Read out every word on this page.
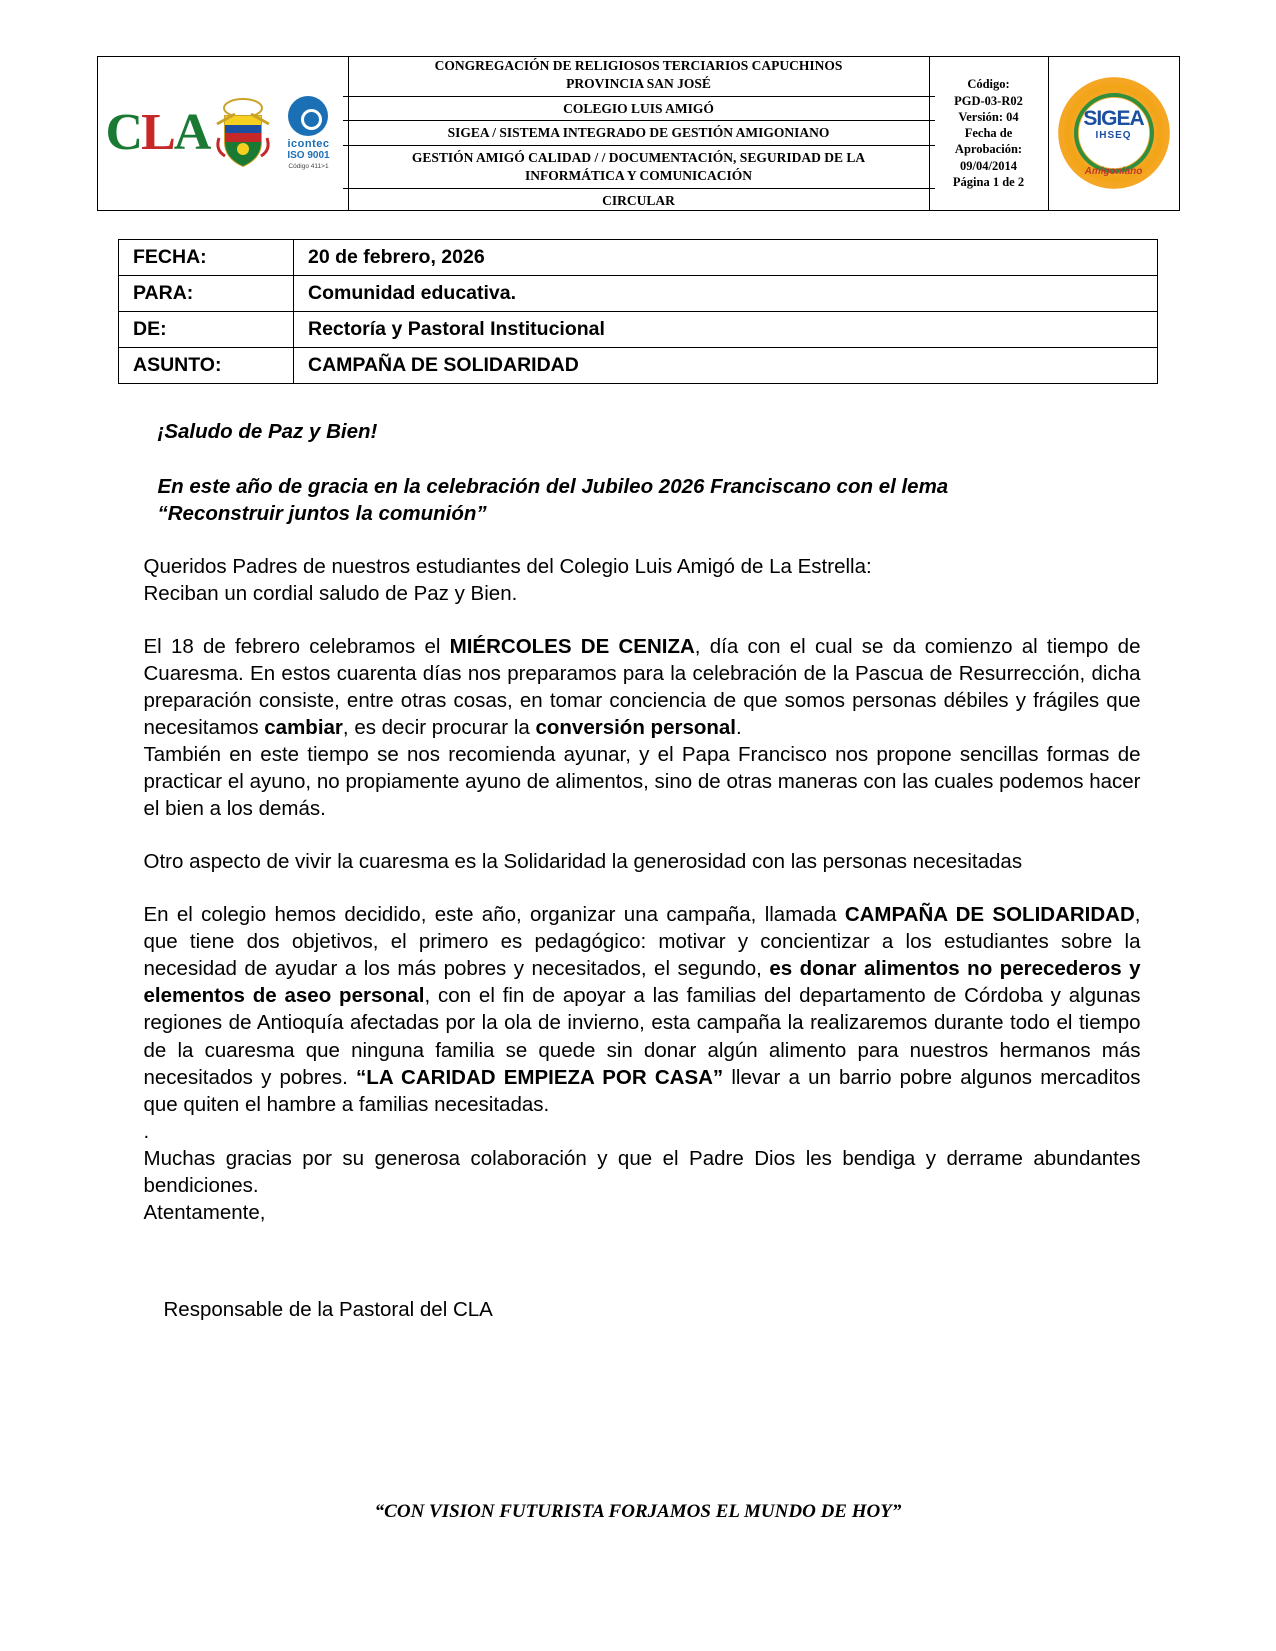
CLA	icontec
ISO 9001
Código 411>1

CONGREGACIÓN DE RELIGIOSOS TERCIARIOS CAPUCHINOS
PROVINCIA SAN JOSÉ
COLEGIO LUIS AMIGÓ
SIGEA / SISTEMA INTEGRADO DE GESTIÓN AMIGONIANO
GESTIÓN AMIGÓ CALIDAD / / DOCUMENTACIÓN, SEGURIDAD DE LA
INFORMÁTICA Y COMUNICACIÓN
CIRCULAR

Código:
PGD-03-R02
Versión: 04
Fecha de
Aprobación:
09/04/2014
Página 1 de 2

SIGEA
IHSEQ
Amigoniano
FECHA:	20 de febrero, 2026
PARA:	Comunidad educativa.
DE:	Rectoría y Pastoral Institucional
ASUNTO:	CAMPAÑA DE SOLIDARIDAD
¡Saludo de Paz y Bien!
En este año de gracia en la celebración del Jubileo 2026 Franciscano con el lema
“Reconstruir juntos la comunión”
Queridos Padres de nuestros estudiantes del Colegio Luis Amigó de La Estrella:
Reciban un cordial saludo de Paz y Bien.
El 18 de febrero celebramos el MIÉRCOLES DE CENIZA, día con el cual se da comienzo al tiempo de Cuaresma. En estos cuarenta días nos preparamos para la celebración de la Pascua de Resurrección, dicha preparación consiste, entre otras cosas, en tomar conciencia de que somos personas débiles y frágiles que necesitamos cambiar, es decir procurar la conversión personal.
También en este tiempo se nos recomienda ayunar, y el Papa Francisco nos propone sencillas formas de practicar el ayuno, no propiamente ayuno de alimentos, sino de otras maneras con las cuales podemos hacer el bien a los demás.
Otro aspecto de vivir la cuaresma es la Solidaridad la generosidad con las personas necesitadas
En el colegio hemos decidido, este año, organizar una campaña, llamada CAMPAÑA DE SOLIDARIDAD, que tiene dos objetivos, el primero es pedagógico: motivar y concientizar a los estudiantes sobre la necesidad de ayudar a los más pobres y necesitados, el segundo, es donar alimentos no perecederos y elementos de aseo personal, con el fin de apoyar a las familias del departamento de Córdoba y algunas regiones de Antioquía afectadas por la ola de invierno, esta campaña la realizaremos durante todo el tiempo de la cuaresma que ninguna familia se quede sin donar algún alimento para nuestros hermanos más necesitados y pobres. “LA CARIDAD EMPIEZA POR CASA” llevar a un barrio pobre algunos mercaditos que quiten el hambre a familias necesitadas.
.
Muchas gracias por su generosa colaboración y que el Padre Dios les bendiga y derrame abundantes bendiciones.
Atentamente,
Responsable de la Pastoral del CLA
“CON VISION FUTURISTA FORJAMOS EL MUNDO DE HOY”
